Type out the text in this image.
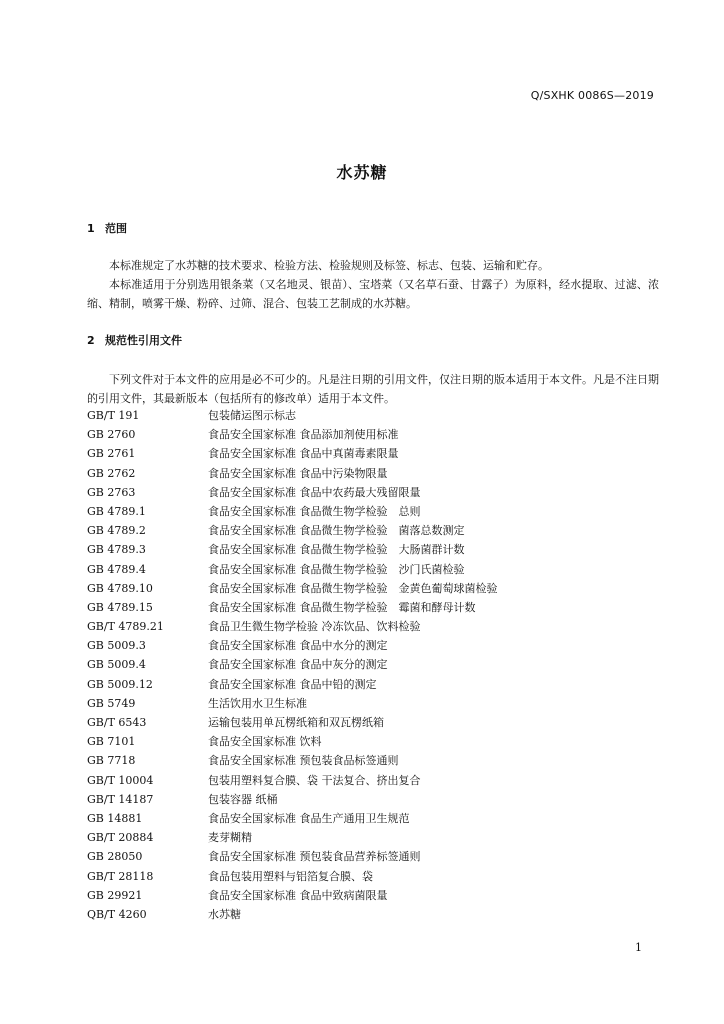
Q/SXHK 0086S—2019
水苏糖
1 范围

本标准规定了水苏糖的技术要求、检验方法、检验规则及标签、标志、包装、运输和贮存。

本标准适用于分别选用银条菜（又名地灵、银苗）、宝塔菜（又名草石蚕、甘露子）为原料，经水提取、过滤、浓缩、精制，喷雾干燥、粉碎、过筛、混合、包装工艺制成的水苏糖。

2 规范性引用文件

下列文件对于本文件的应用是必不可少的。凡是注日期的引用文件，仅注日期的版本适用于本文件。凡是不注日期的引用文件，其最新版本（包括所有的修改单）适用于本文件。

GB/T 191	包装储运图示标志
GB 2760	食品安全国家标准 食品添加剂使用标准
GB 2761	食品安全国家标准 食品中真菌毒素限量
GB 2762	食品安全国家标准 食品中污染物限量
GB 2763	食品安全国家标准 食品中农药最大残留限量
GB 4789.1	食品安全国家标准 食品微生物学检验　总则
GB 4789.2	食品安全国家标准 食品微生物学检验　菌落总数测定
GB 4789.3	食品安全国家标准 食品微生物学检验　大肠菌群计数
GB 4789.4	食品安全国家标准 食品微生物学检验　沙门氏菌检验
GB 4789.10	食品安全国家标准 食品微生物学检验　金黄色葡萄球菌检验
GB 4789.15	食品安全国家标准 食品微生物学检验　霉菌和酵母计数
GB/T 4789.21	食品卫生微生物学检验 冷冻饮品、饮料检验
GB 5009.3	食品安全国家标准 食品中水分的测定
GB 5009.4	食品安全国家标准 食品中灰分的测定
GB 5009.12	食品安全国家标准 食品中铅的测定
GB 5749	生活饮用水卫生标准
GB/T 6543	运输包装用单瓦楞纸箱和双瓦楞纸箱
GB 7101	食品安全国家标准 饮料
GB 7718	食品安全国家标准 预包装食品标签通则
GB/T 10004	包装用塑料复合膜、袋 干法复合、挤出复合
GB/T 14187	包装容器 纸桶
GB 14881	食品安全国家标准 食品生产通用卫生规范
GB/T 20884	麦芽糊精
GB 28050	食品安全国家标准 预包装食品营养标签通则
GB/T 28118	食品包装用塑料与铝箔复合膜、袋
GB 29921	食品安全国家标准 食品中致病菌限量
QB/T 4260	水苏糖
1
